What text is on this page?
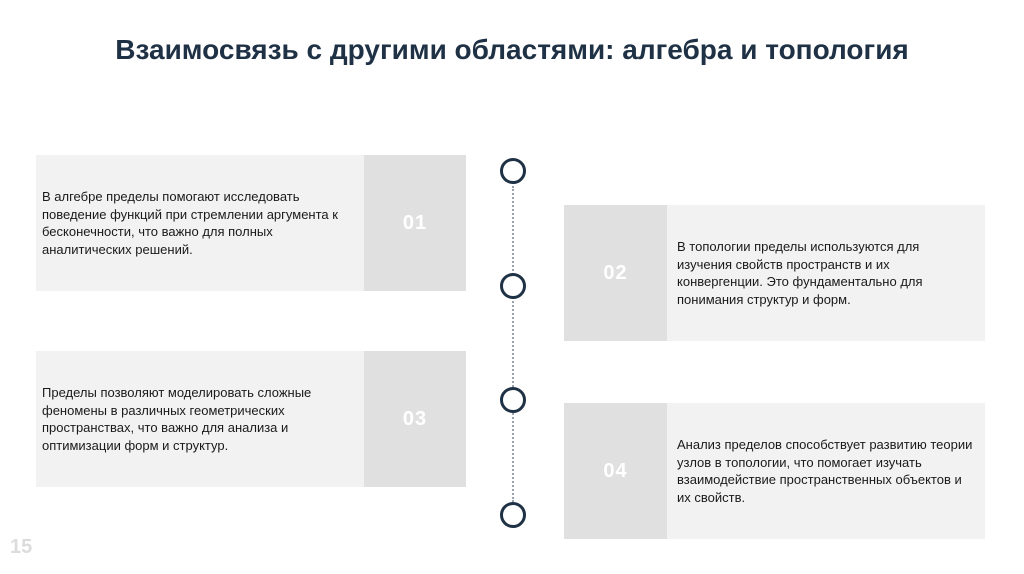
Взаимосвязь с другими областями: алгебра и топология
В алгебре пределы помогают исследовать поведение функций при стремлении аргумента к бесконечности, что важно для полных аналитических решений.
01
02
В топологии пределы используются для изучения свойств пространств и их конвергенции. Это фундаментально для понимания структур и форм.
Пределы позволяют моделировать сложные феномены в различных геометрических пространствах, что важно для анализа и оптимизации форм и структур.
03
04
Анализ пределов способствует развитию теории узлов в топологии, что помогает изучать взаимодействие пространственных объектов и их свойств.
15
